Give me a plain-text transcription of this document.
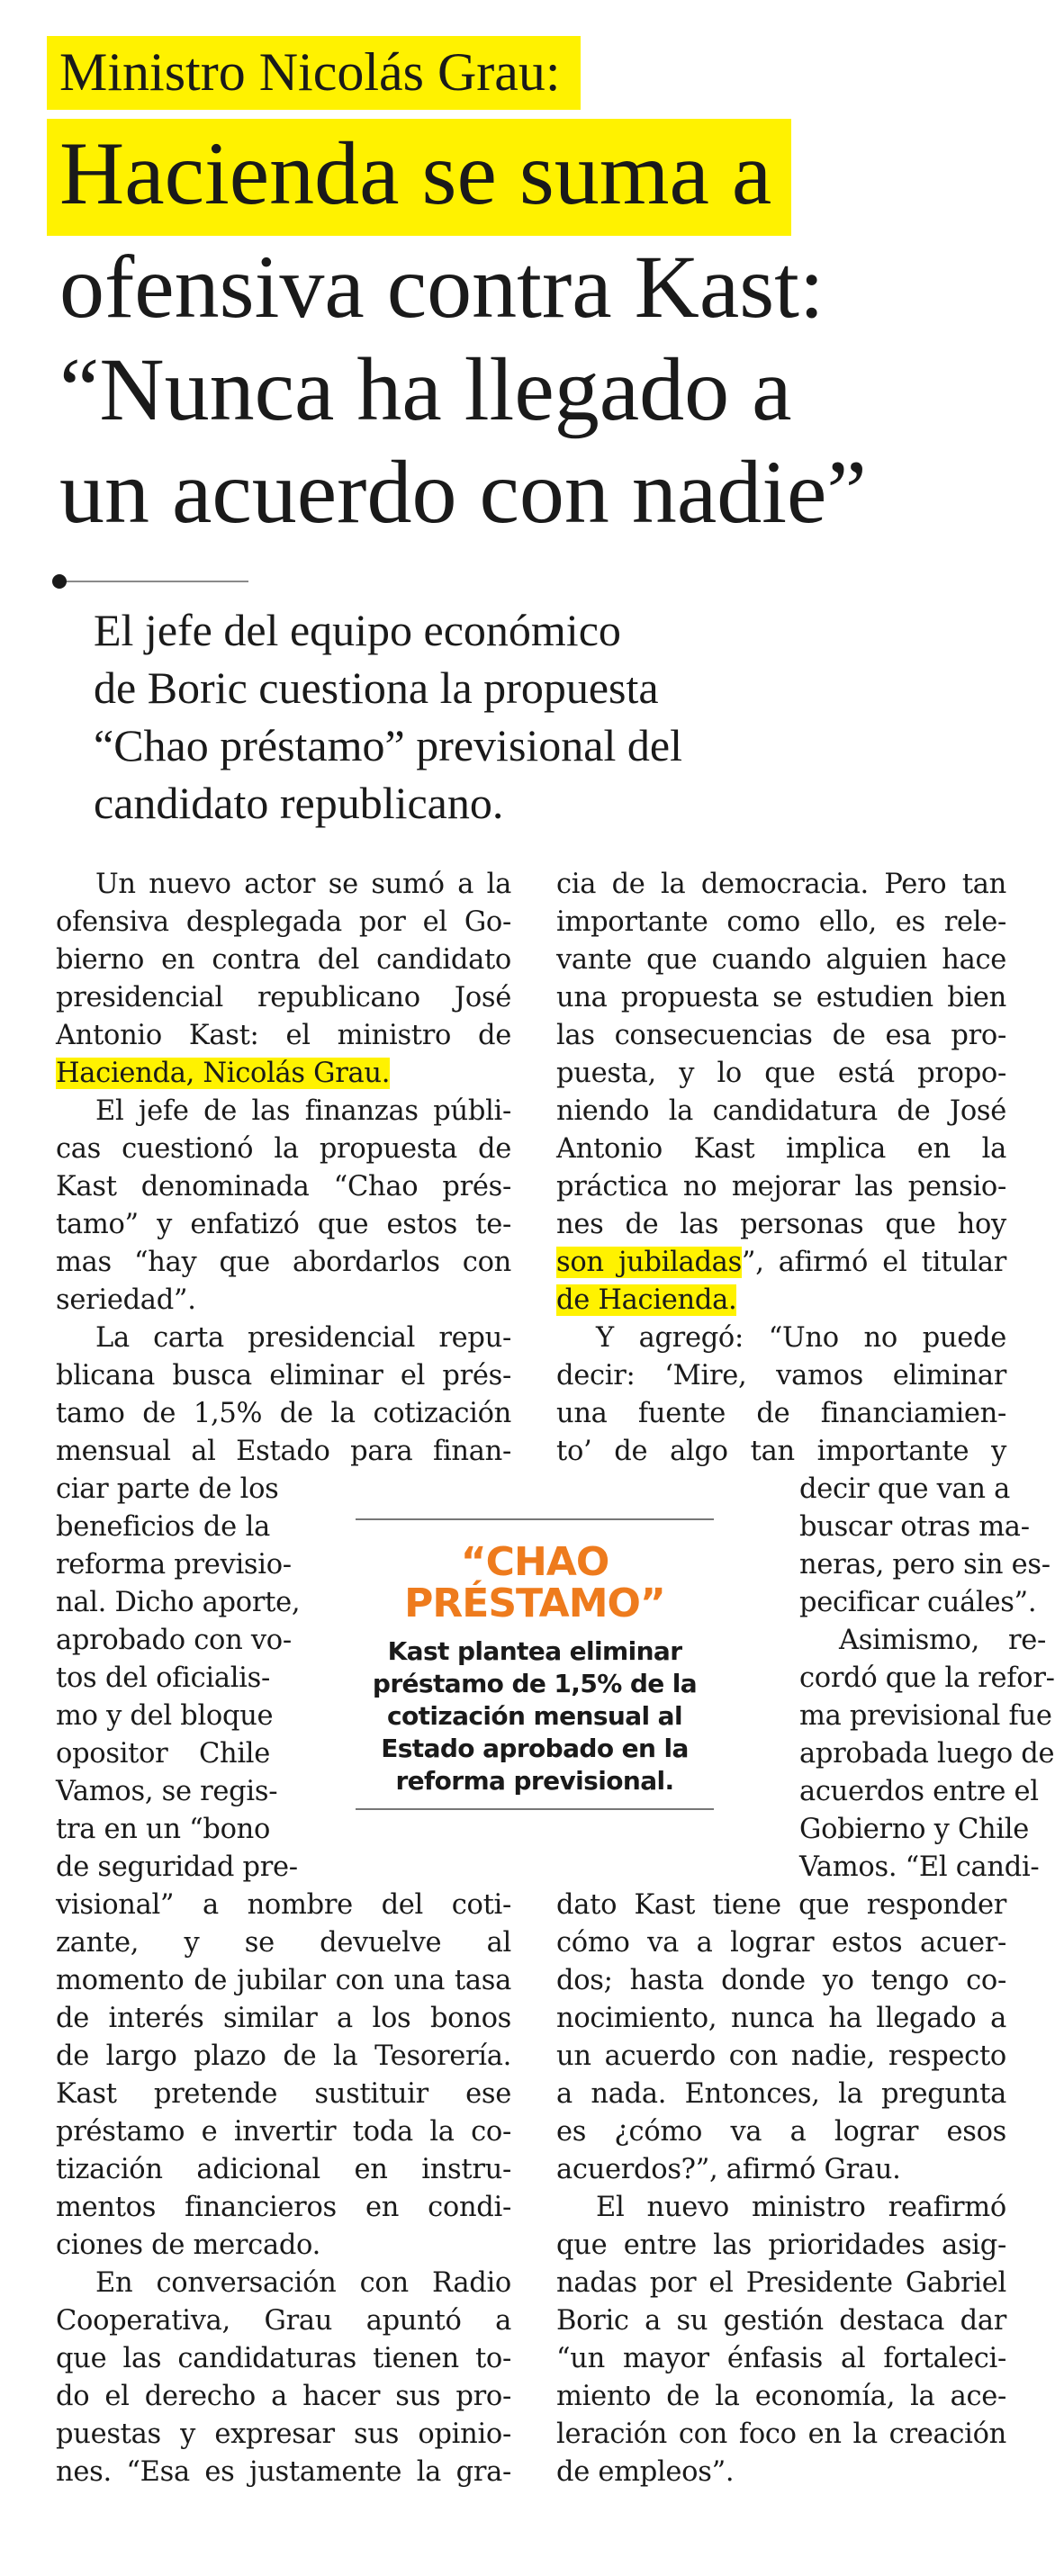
Ministro Nicolás Grau:
Hacienda se suma a
ofensiva contra Kast:
“Nunca ha llegado a
un acuerdo con nadie”
El jefe del equipo económico
de Boric cuestiona la propuesta
“Chao préstamo” previsional del
candidato republicano.
Un nuevo actor se sumó a la
ofensiva desplegada por el Go-
bierno en contra del candidato
presidencial republicano José
Antonio Kast: el ministro de
Hacienda, Nicolás Grau.
El jefe de las finanzas públi-
cas cuestionó la propuesta de
Kast denominada “Chao prés-
tamo” y enfatizó que estos te-
mas “hay que abordarlos con
seriedad”.
La carta presidencial repu-
blicana busca eliminar el prés-
tamo de 1,5% de la cotización
mensual al Estado para finan-
ciar parte de los
beneficios de la
reforma previsio-
nal. Dicho aporte,
aprobado con vo-
tos del oficialis-
mo y del bloque
opositor Chile
Vamos, se regis-
tra en un “bono
de seguridad pre-
visional” a nombre del coti-
zante, y se devuelve al
momento de jubilar con una tasa
de interés similar a los bonos
de largo plazo de la Tesorería.
Kast pretende sustituir ese
préstamo e invertir toda la co-
tización adicional en instru-
mentos financieros en condi-
ciones de mercado.
En conversación con Radio
Cooperativa, Grau apuntó a
que las candidaturas tienen to-
do el derecho a hacer sus pro-
puestas y expresar sus opinio-
nes. “Esa es justamente la gra-
cia de la democracia. Pero tan
importante como ello, es rele-
vante que cuando alguien hace
una propuesta se estudien bien
las consecuencias de esa pro-
puesta, y lo que está propo-
niendo la candidatura de José
Antonio Kast implica en la
práctica no mejorar las pensio-
nes de las personas que hoy
son jubiladas”, afirmó el titular
de Hacienda.
Y agregó: “Uno no puede
decir: ‘Mire, vamos eliminar
una fuente de financiamien-
to’ de algo tan importante y
decir que van a
buscar otras ma-
neras, pero sin es-
pecificar cuáles”.
Asimismo, re-
cordó que la refor-
ma previsional fue
aprobada luego de
acuerdos entre el
Gobierno y Chile
Vamos. “El candi-
dato Kast tiene que responder
cómo va a lograr estos acuer-
dos; hasta donde yo tengo co-
nocimiento, nunca ha llegado a
un acuerdo con nadie, respecto
a nada. Entonces, la pregunta
es ¿cómo va a lograr esos
acuerdos?”, afirmó Grau.
El nuevo ministro reafirmó
que entre las prioridades asig-
nadas por el Presidente Gabriel
Boric a su gestión destaca dar
“un mayor énfasis al fortaleci-
miento de la economía, la ace-
leración con foco en la creación
de empleos”.
“CHAO
PRÉSTAMO”
Kast plantea eliminar
préstamo de 1,5% de la
cotización mensual al
Estado aprobado en la
reforma previsional.
